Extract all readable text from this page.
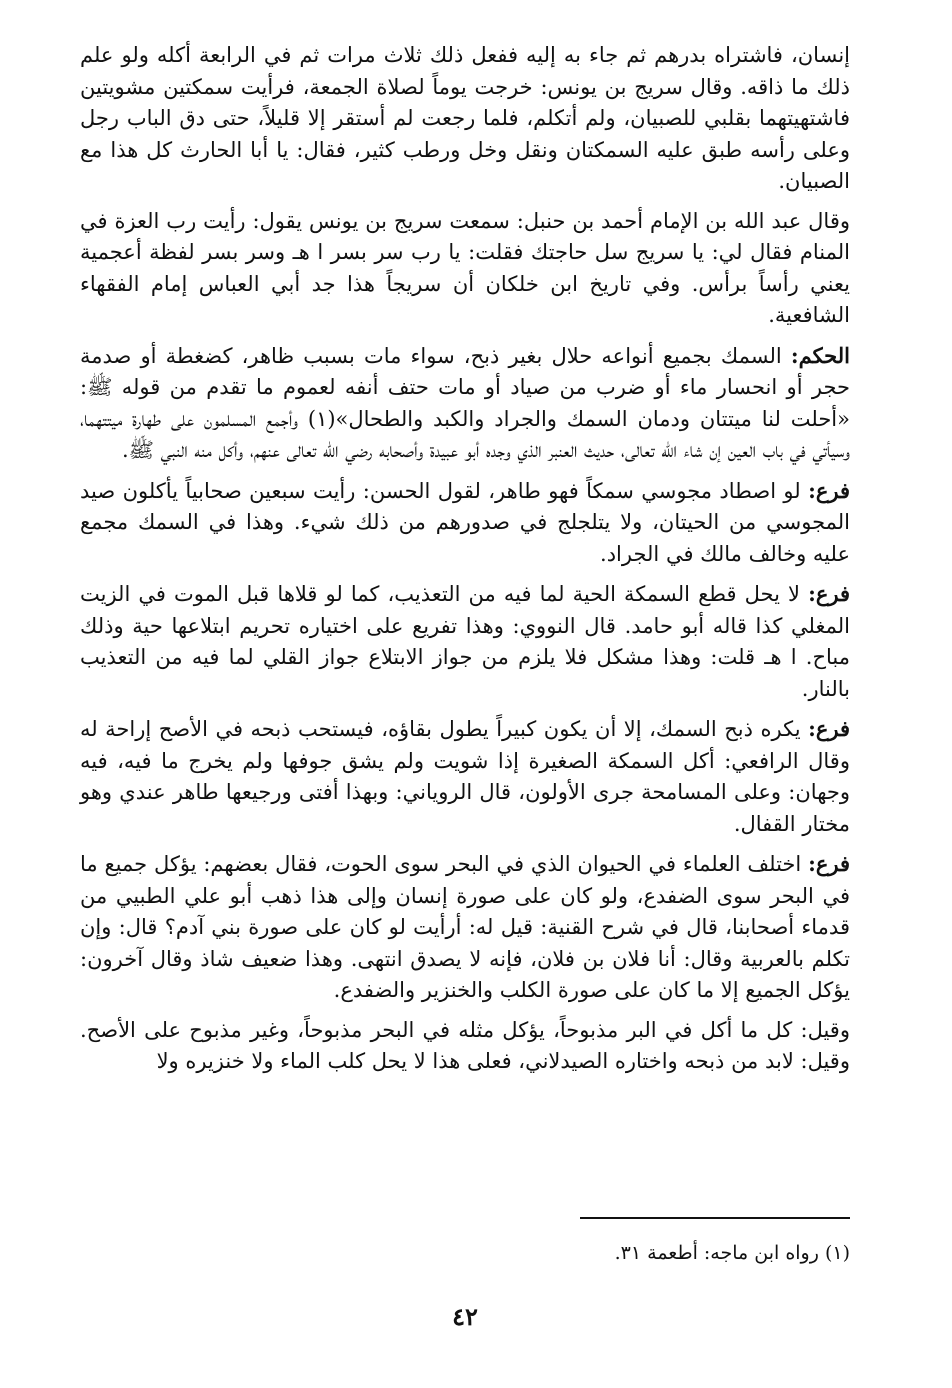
إنسان، فاشتراه بدرهم ثم جاء به إليه ففعل ذلك ثلاث مرات ثم في الرابعة أكله ولو علم ذلك ما ذاقه. وقال سريج بن يونس: خرجت يوماً لصلاة الجمعة، فرأيت سمكتين مشويتين فاشتهيتهما بقلبي للصبيان، ولم أتكلم، فلما رجعت لم أستقر إلا قليلاً، حتى دق الباب رجل وعلى رأسه طبق عليه السمكتان ونقل وخل ورطب كثير، فقال: يا أبا الحارث كل هذا مع الصبيان.

وقال عبد الله بن الإمام أحمد بن حنبل: سمعت سريج بن يونس يقول: رأيت رب العزة في المنام فقال لي: يا سريج سل حاجتك فقلت: يا رب سر بسر ا هـ وسر بسر لفظة أعجمية يعني رأساً برأس. وفي تاريخ ابن خلكان أن سريجاً هذا جد أبي العباس إمام الفقهاء الشافعية.

الحكم: السمك بجميع أنواعه حلال بغير ذبح، سواء مات بسبب ظاهر، كضغطة أو صدمة حجر أو انحسار ماء أو ضرب من صياد أو مات حتف أنفه لعموم ما تقدم من قوله ﷺ: «أحلت لنا ميتتان ودمان السمك والجراد والكبد والطحال»(١) وأجمع المسلمون على طهارة ميتتهما، وسيأتي في باب العين إن شاء الله تعالى، حديث العنبر الذي وجده أبو عبيدة وأصحابه رضي الله تعالى عنهم، وأكل منه النبي ﷺ.

فرع: لو اصطاد مجوسي سمكاً فهو طاهر، لقول الحسن: رأيت سبعين صحابياً يأكلون صيد المجوسي من الحيتان، ولا يتلجلج في صدورهم من ذلك شيء. وهذا في السمك مجمع عليه وخالف مالك في الجراد.

فرع: لا يحل قطع السمكة الحية لما فيه من التعذيب، كما لو قلاها قبل الموت في الزيت المغلي كذا قاله أبو حامد. قال النووي: وهذا تفريع على اختياره تحريم ابتلاعها حية وذلك مباح. ا هـ قلت: وهذا مشكل فلا يلزم من جواز الابتلاع جواز القلي لما فيه من التعذيب بالنار.

فرع: يكره ذبح السمك، إلا أن يكون كبيراً يطول بقاؤه، فيستحب ذبحه في الأصح إراحة له وقال الرافعي: أكل السمكة الصغيرة إذا شويت ولم يشق جوفها ولم يخرج ما فيه، فيه وجهان: وعلى المسامحة جرى الأولون، قال الروياني: وبهذا أفتى ورجيعها طاهر عندي وهو مختار القفال.

فرع: اختلف العلماء في الحيوان الذي في البحر سوى الحوت، فقال بعضهم: يؤكل جميع ما في البحر سوى الضفدع، ولو كان على صورة إنسان وإلى هذا ذهب أبو علي الطبيي من قدماء أصحابنا، قال في شرح القنية: قيل له: أرأيت لو كان على صورة بني آدم؟ قال: وإن تكلم بالعربية وقال: أنا فلان بن فلان، فإنه لا يصدق انتهى. وهذا ضعيف شاذ وقال آخرون: يؤكل الجميع إلا ما كان على صورة الكلب والخنزير والضفدع.

وقيل: كل ما أكل في البر مذبوحاً، يؤكل مثله في البحر مذبوحاً، وغير مذبوح على الأصح. وقيل: لابد من ذبحه واختاره الصيدلاني، فعلى هذا لا يحل كلب الماء ولا خنزيره ولا

(١) رواه ابن ماجه: أطعمة ٣١.
٤٢
